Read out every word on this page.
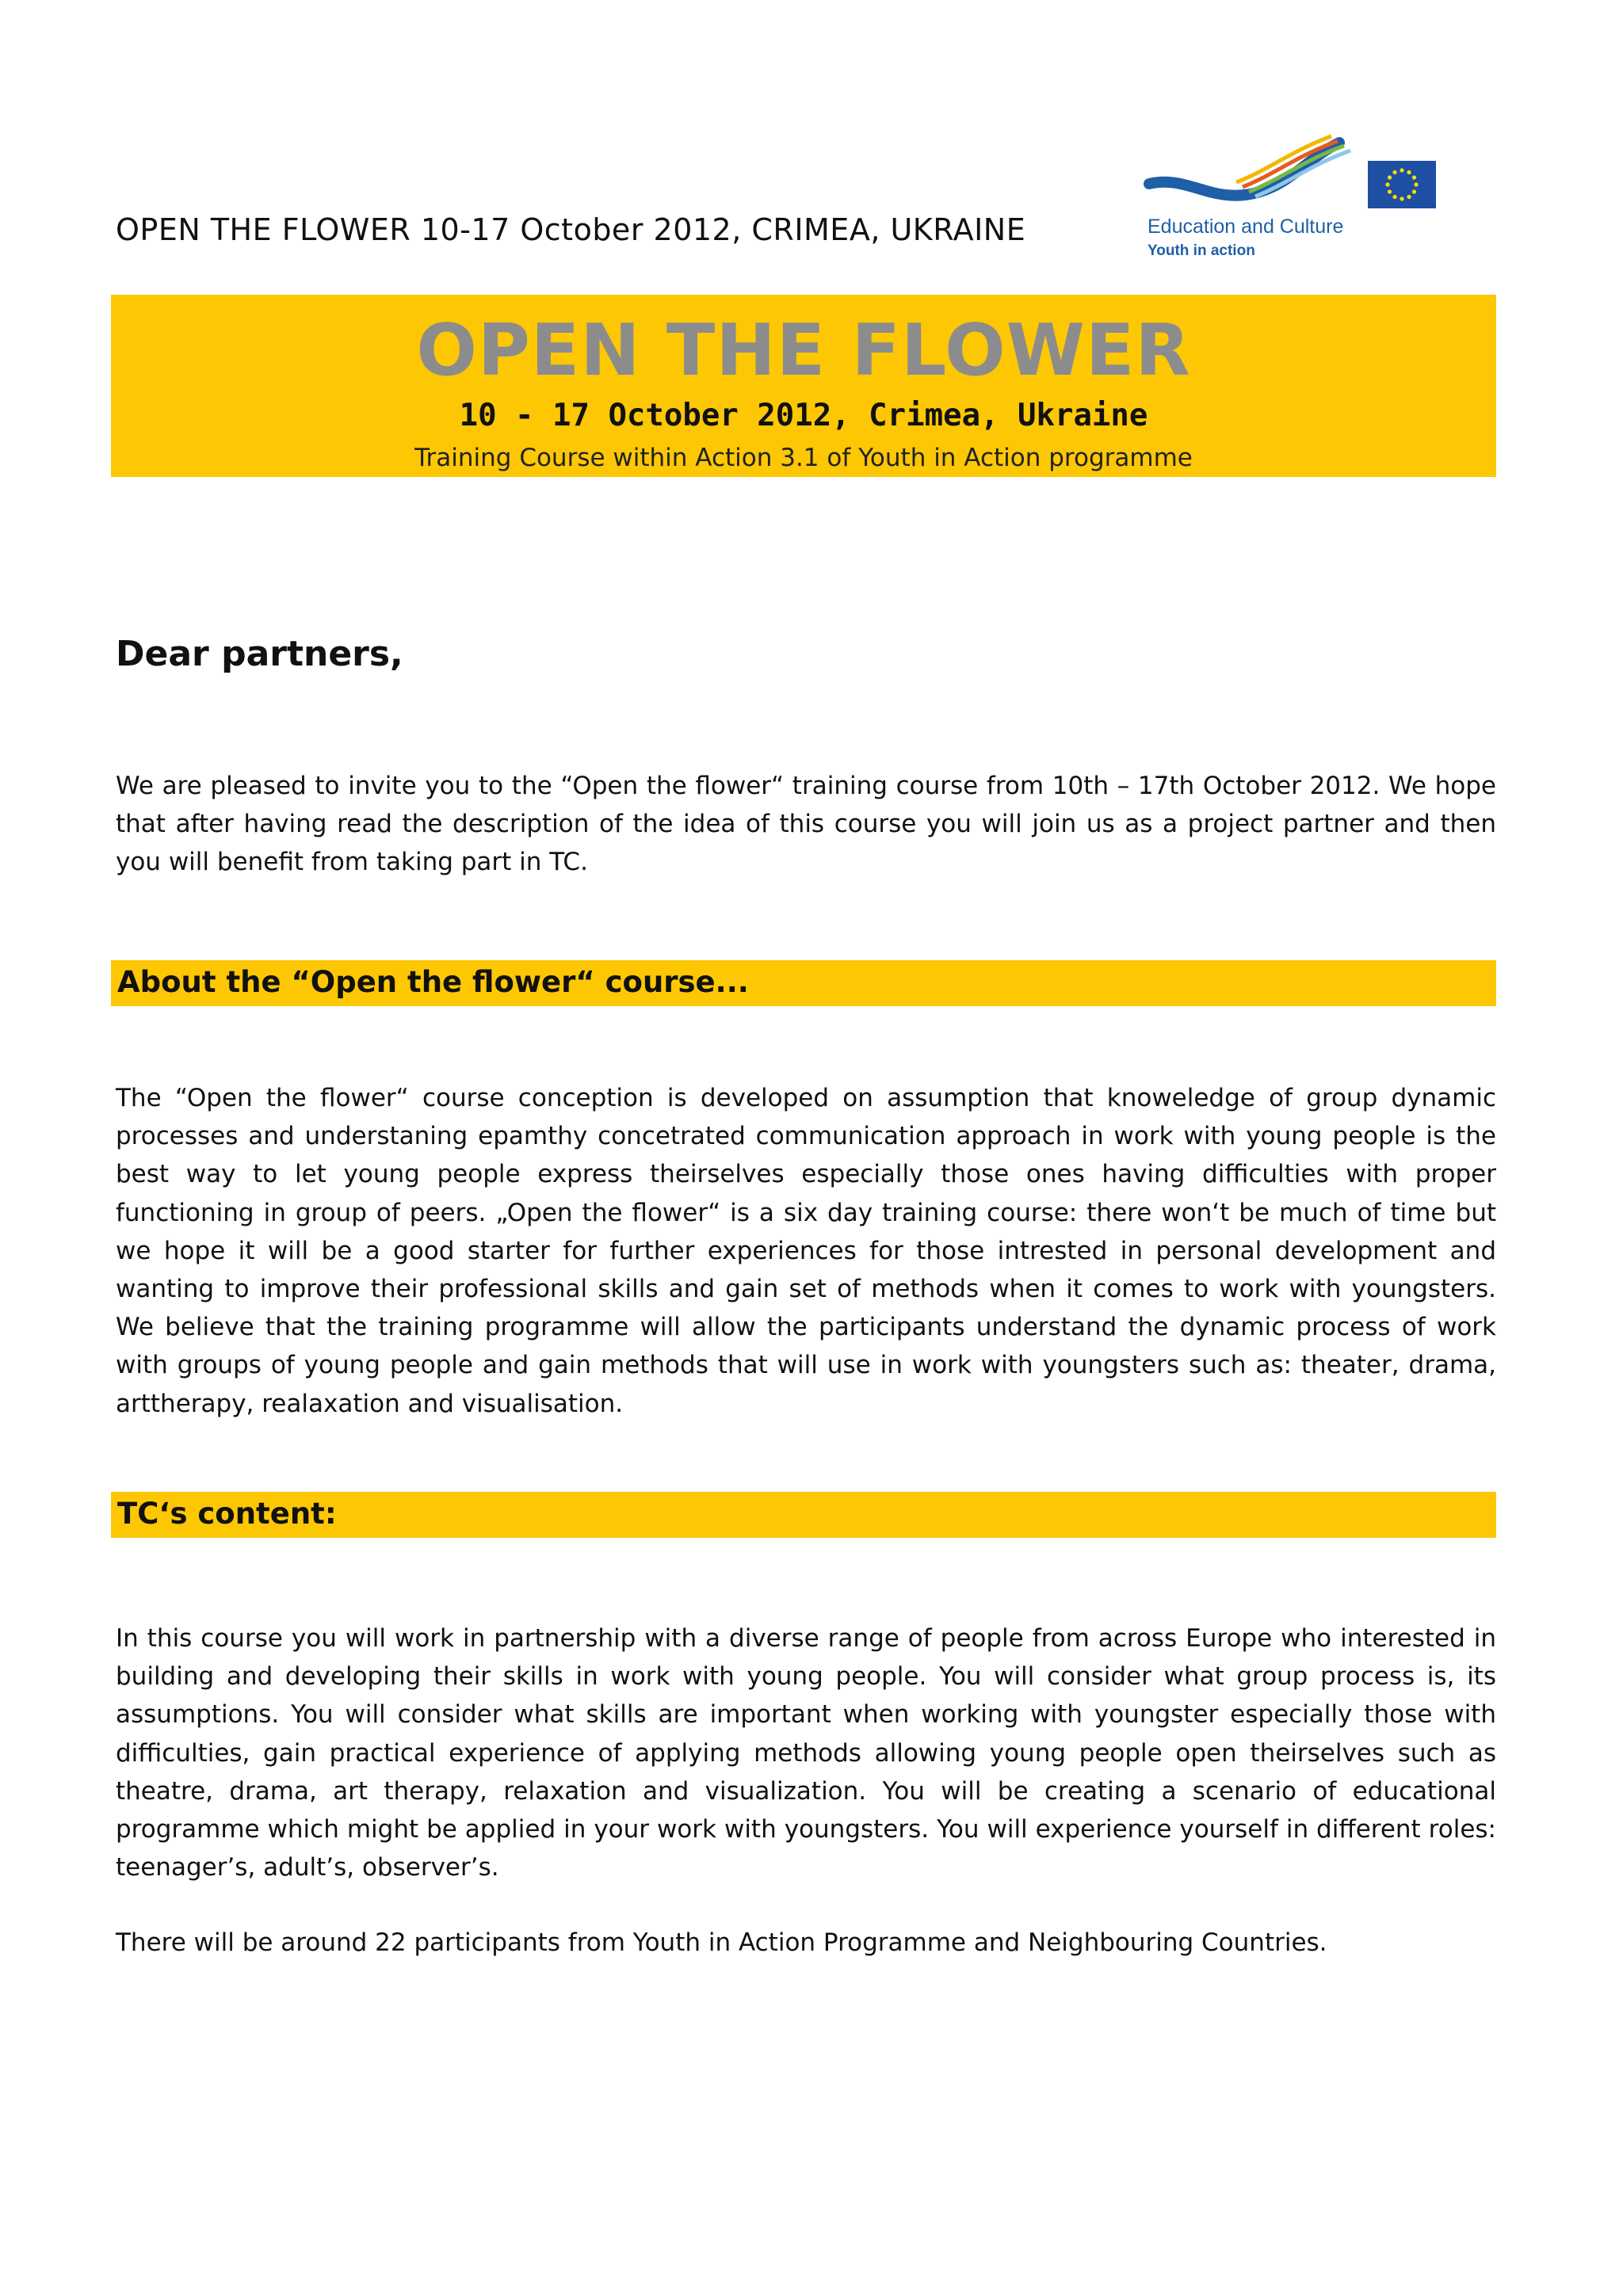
OPEN THE FLOWER 10-17 October 2012, CRIMEA, UKRAINE	Education and Culture
Youth in action
OPEN THE FLOWER
10 - 17 October 2012, Crimea, Ukraine
Training Course within Action 3.1 of Youth in Action programme
Dear partners,
We are pleased to invite you to the “Open the flower“ training course from 10th – 17th October 2012. We hope that after having read the description of the idea of this course you will join us as a project partner and then you will benefit from taking part in TC.
About the “Open the flower“ course...
The “Open the flower“ course conception is developed on assumption that knoweledge of group dynamic processes and understaning epamthy concetrated communication approach in work with young people is the best way to let young people express theirselves especially those ones having difficulties with proper functioning in group of peers. „Open the flower“ is a six day training course: there won‘t be much of time but we hope it will be a good starter for further experiences for those intrested in personal development and wanting to improve their professional skills and gain set of methods when it comes to work with youngsters. We believe that the training programme will allow the participants understand the dynamic process of work with groups of young people and gain methods that will use in work with youngsters such as: theater, drama, arttherapy, realaxation and visualisation.
TC‘s content:
In this course you will work in partnership with a diverse range of people from across Europe who interested in building and developing their skills in work with young people. You will consider what group process is, its assumptions. You will consider what skills are important when working with youngster especially those with difficulties, gain practical experience of applying methods allowing young people open theirselves such as theatre, drama, art therapy, relaxation and visualization. You will be creating a scenario of educational programme which might be applied in your work with youngsters. You will experience yourself in different roles: teenager’s, adult’s, observer’s.
There will be around 22 participants from Youth in Action Programme and Neighbouring Countries.
